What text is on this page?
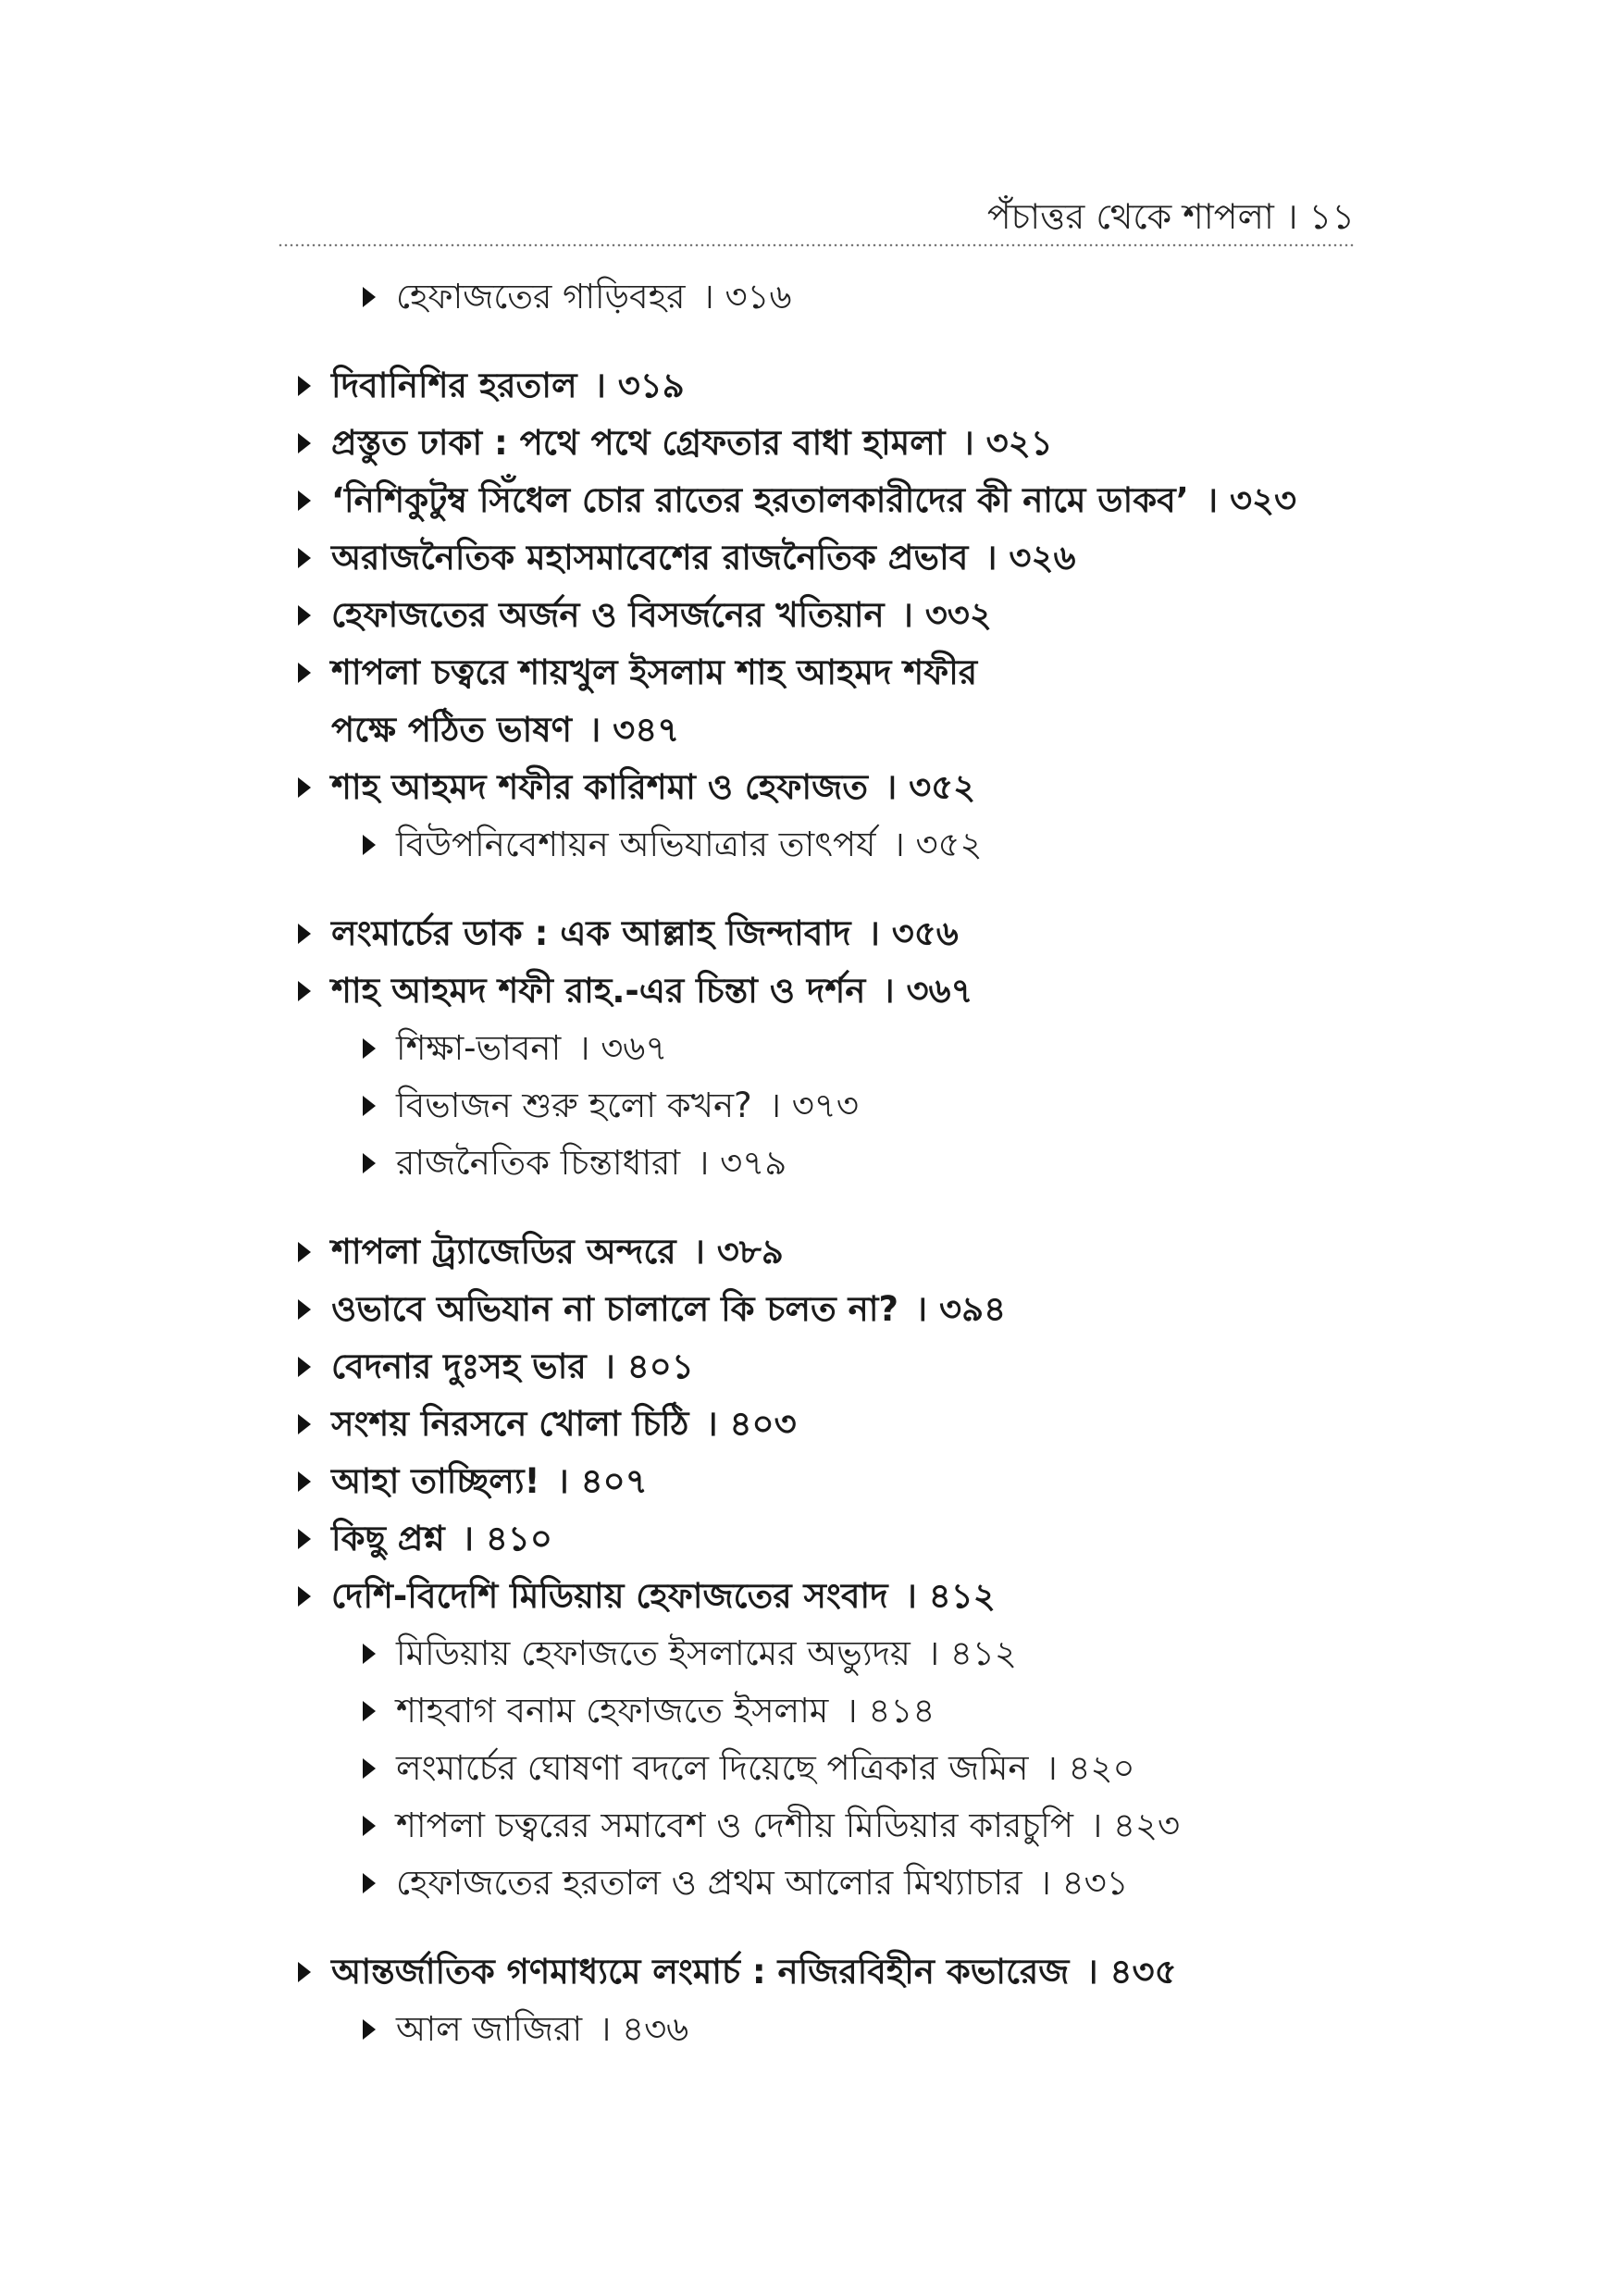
পঁচাত্তর থেকে শাপলা । ১১
হেফাজতের গাড়িবহর । ৩১৬
দিবানিশির হরতাল । ৩১৯
প্রস্তুত ঢাকা : পথে পথে গ্রেফতার বাধা হামলা । ৩২১
‘নিশিকুটুম্ব সিঁধেল চোর রাতের হরতালকারীদের কী নামে ডাকব’ । ৩২৩
অরাজনৈতিক মহাসমাবেশের রাজনৈতিক প্রভাব । ৩২৬
হেফাজতের অর্জন ও বিসর্জনের খতিয়ান । ৩৩২
শাপলা চত্বরে শায়খুল ইসলাম শাহ আহমদ শফীর
পক্ষে পঠিত ভাষণ । ৩৪৭
শাহ আহমদ শফীর কারিশমা ও হেফাজত । ৩৫২
বিউপনিবেশায়ন অভিযাত্রার তাৎপর্য । ৩৫২
লংমার্চের ডাক : এক আল্লাহ জিন্দাবাদ । ৩৫৬
শাহ আহমদ শফী রাহ.-এর চিন্তা ও দর্শন । ৩৬৭
শিক্ষা-ভাবনা । ৩৬৭
বিভাজন শুরু হলো কখন? । ৩৭৩
রাজনৈতিক চিন্তাধারা । ৩৭৯
শাপলা ট্র্যাজেডির অন্দরে । ৩৮৯
ওভাবে অভিযান না চালালে কি চলত না? । ৩৯৪
বেদনার দুঃসহ ভার । ৪০১
সংশয় নিরসনে খোলা চিঠি । ৪০৩
আহা তাচ্ছিল্য! । ৪০৭
কিছু প্রশ্ন । ৪১০
দেশি-বিদেশি মিডিয়ায় হেফাজতের সংবাদ । ৪১২
মিডিয়ায় হেফাজতে ইসলামের অভ্যুদয় । ৪১২
শাহবাগ বনাম হেফাজতে ইসলাম । ৪১৪
লংমার্চের ঘোষণা বদলে দিয়েছে পত্রিকার জমিন । ৪২০
শাপলা চত্বরের সমাবেশ ও দেশীয় মিডিয়ার কারচুপি । ৪২৩
হেফাজতের হরতাল ও প্রথম আলোর মিথ্যাচার । ৪৩১
আন্তর্জাতিক গণমাধ্যমে লংমার্চ : নজিরবিহীন কভারেজ । ৪৩৫
আল জাজিরা । ৪৩৬
